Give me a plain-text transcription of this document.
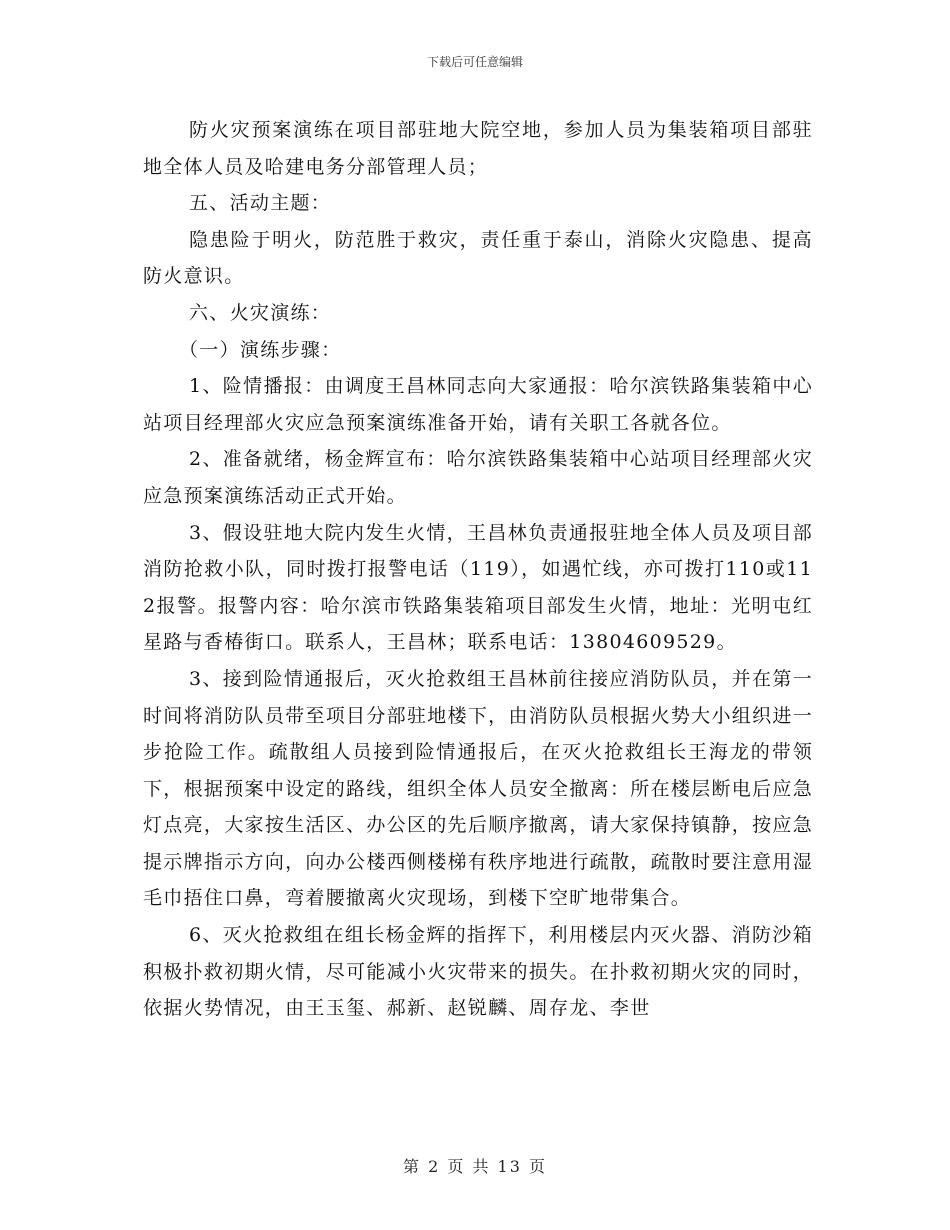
下载后可任意编辑

防火灾预案演练在项目部驻地大院空地，参加人员为集装箱项目部驻地全体人员及哈建电务分部管理人员；

五、活动主题：

隐患险于明火，防范胜于救灾，责任重于泰山，消除火灾隐患、提高防火意识。

六、火灾演练：

（一）演练步骤：

1、险情播报：由调度王昌林同志向大家通报：哈尔滨铁路集装箱中心站项目经理部火灾应急预案演练准备开始，请有关职工各就各位。

2、准备就绪，杨金辉宣布：哈尔滨铁路集装箱中心站项目经理部火灾应急预案演练活动正式开始。

3、假设驻地大院内发生火情，王昌林负责通报驻地全体人员及项目部消防抢救小队，同时拨打报警电话（119），如遇忙线，亦可拨打110或112报警。报警内容：哈尔滨市铁路集装箱项目部发生火情，地址：光明屯红星路与香椿街口。联系人，王昌林；联系电话：13804609529。

3、接到险情通报后，灭火抢救组王昌林前往接应消防队员，并在第一时间将消防队员带至项目分部驻地楼下，由消防队员根据火势大小组织进一步抢险工作。疏散组人员接到险情通报后，在灭火抢救组长王海龙的带领下，根据预案中设定的路线，组织全体人员安全撤离：所在楼层断电后应急灯点亮，大家按生活区、办公区的先后顺序撤离，请大家保持镇静，按应急提示牌指示方向，向办公楼西侧楼梯有秩序地进行疏散，疏散时要注意用湿毛巾捂住口鼻，弯着腰撤离火灾现场，到楼下空旷地带集合。

6、灭火抢救组在组长杨金辉的指挥下，利用楼层内灭火器、消防沙箱积极扑救初期火情，尽可能减小火灾带来的损失。在扑救初期火灾的同时，依据火势情况，由王玉玺、郝新、赵锐麟、周存龙、李世

第 2 页 共 13 页
